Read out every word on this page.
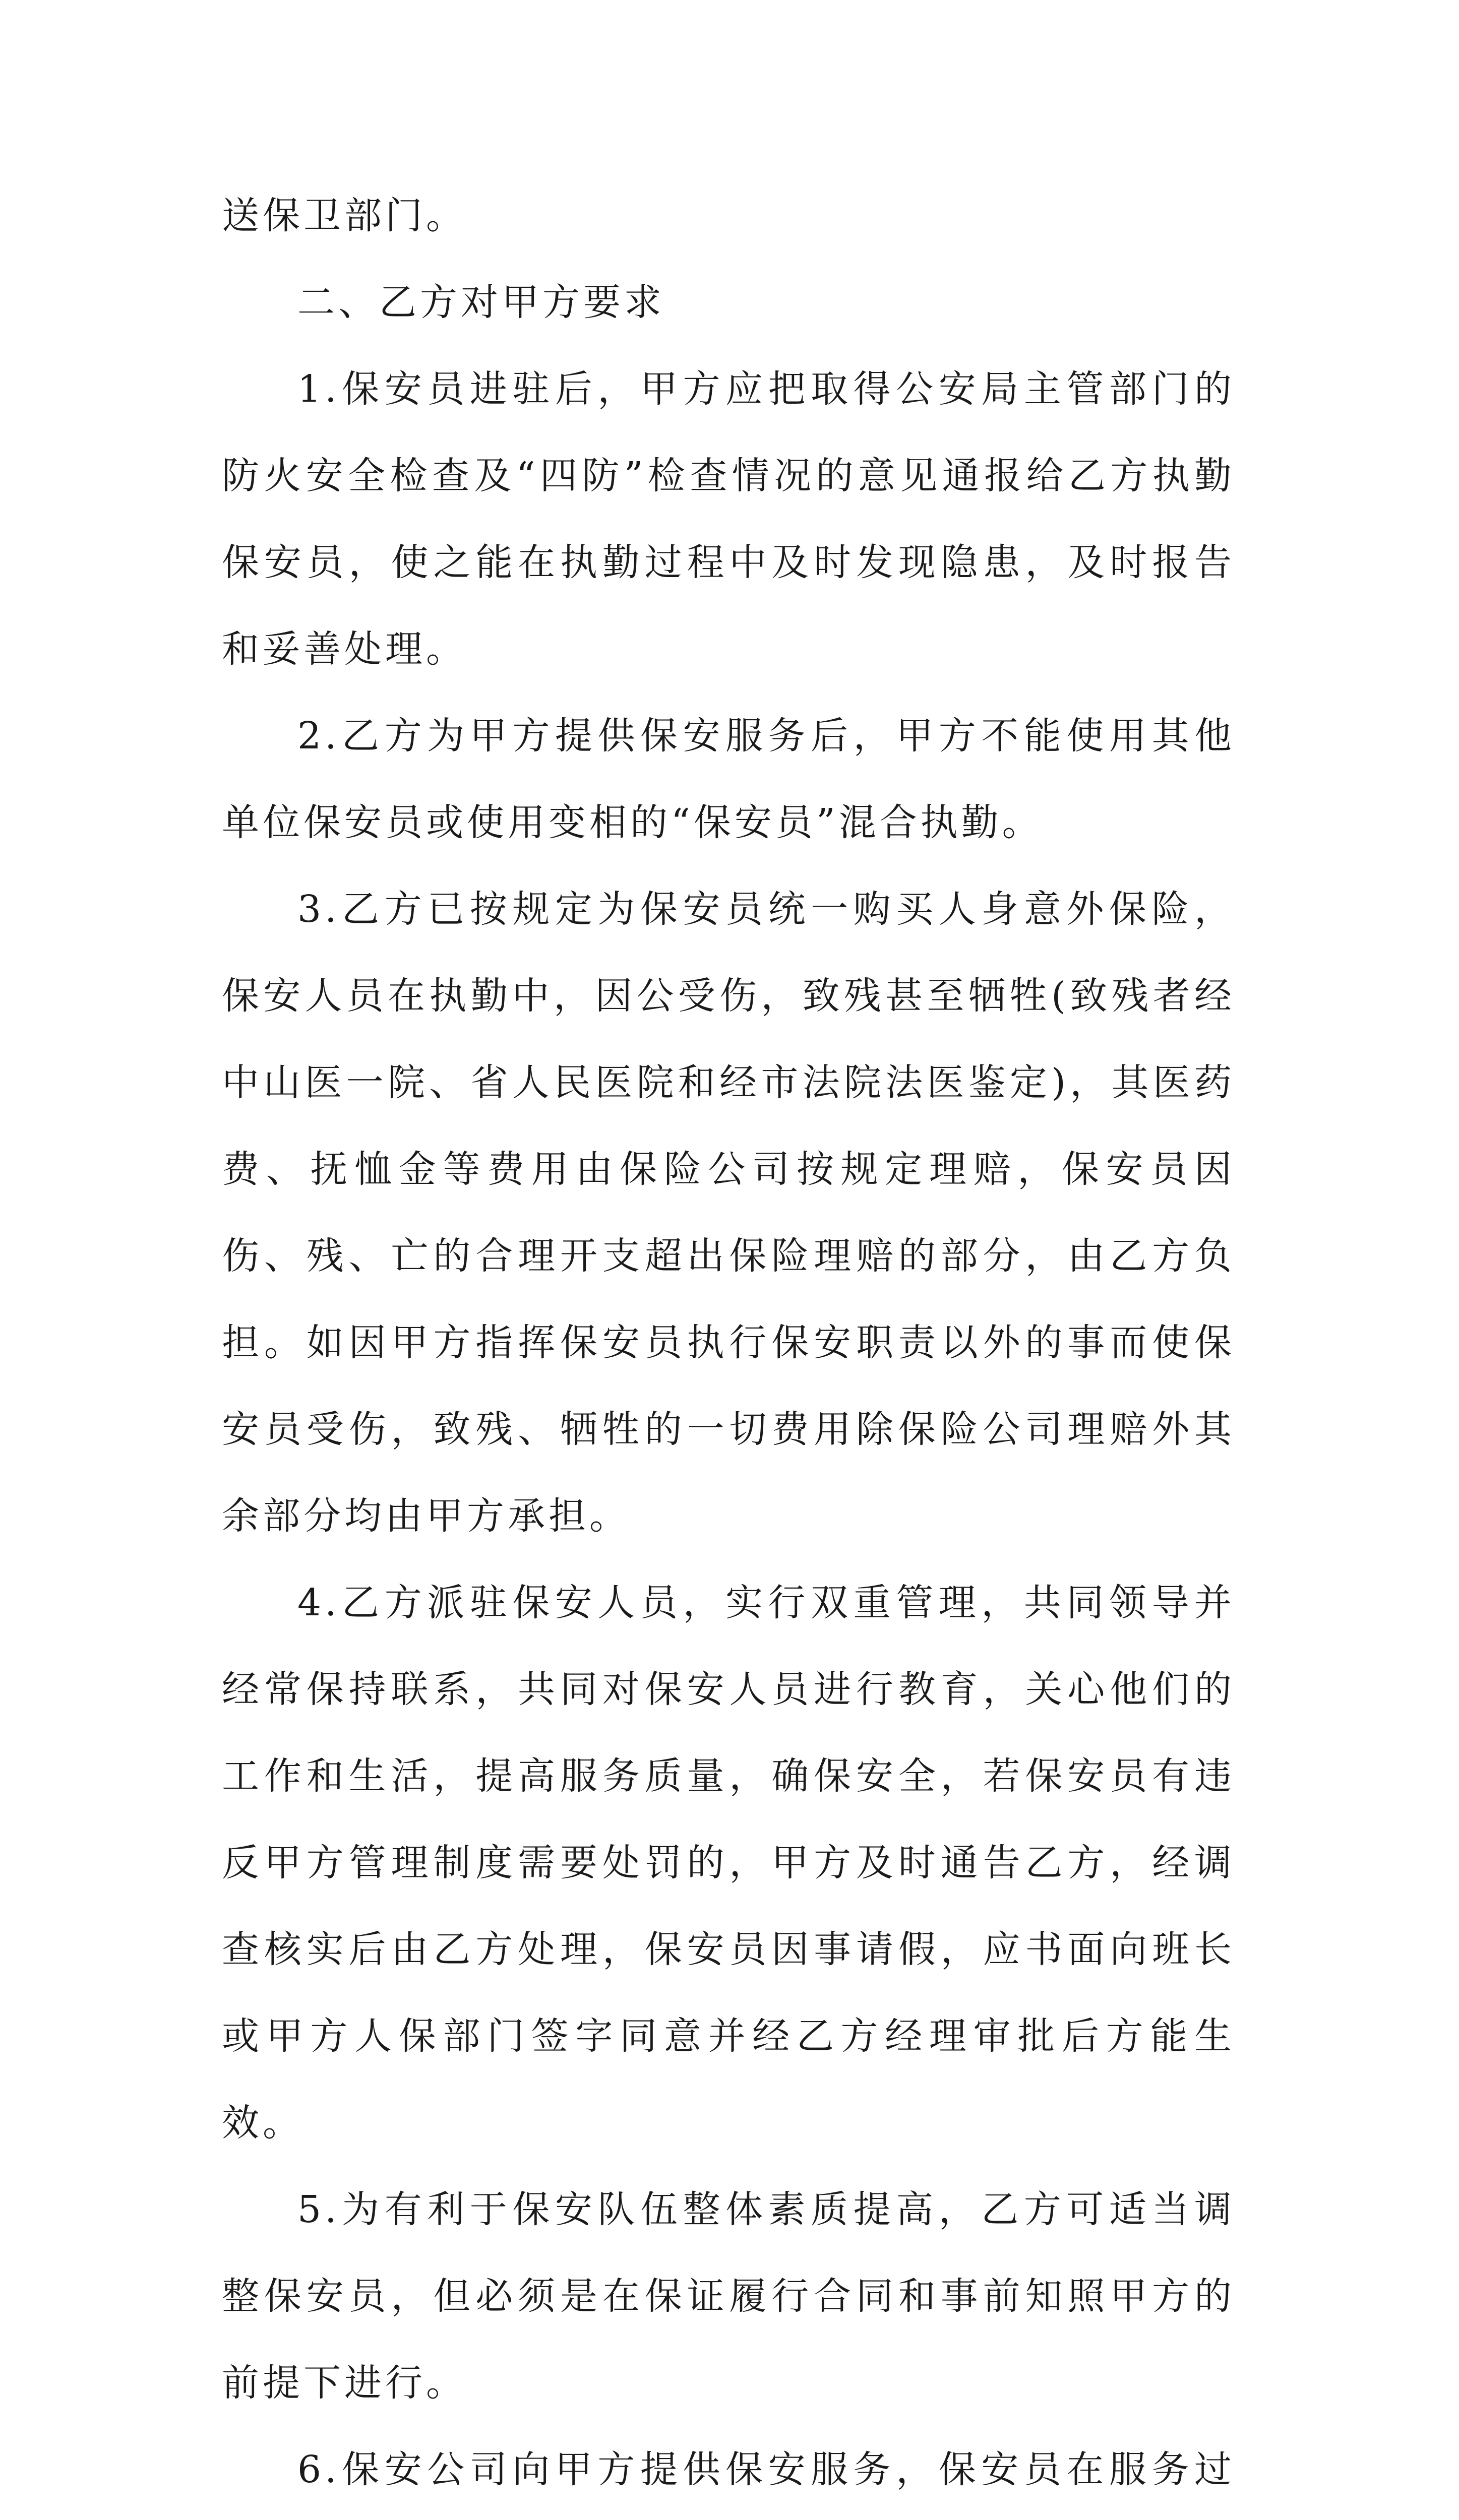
送保卫部门。

二、乙方对甲方要求

1.保安员进驻后，甲方应把取得公安局主管部门的防火安全检查及“四防”检查情况的意见通报给乙方执勤保安员，使之能在执勤过程中及时发现隐患，及时报告和妥善处理。

2.乙方为甲方提供保安服务后，甲方不能使用其他单位保安员或使用变相的“保安员”混合执勤。

3.乙方已按规定为保安员统一购买人身意外保险，保安人员在执勤中，因公受伤，致残甚至牺牲(致残者经中山医一院、省人民医院和经市法院法医鉴定)，其医药费、抚恤金等费用由保险公司按规定理赔，保安员因伤、残、亡的合理开支超出保险理赔的部分，由乙方负担。如因甲方指挥保安员执行保安职责以外的事而使保安员受伤，致残、牺牲的一切费用除保险公司理赔外其余部分均由甲方承担。

4.乙方派驻保安人员，实行双重管理，共同领导并经常保持联系，共同对保安人员进行教育，关心他们的工作和生活，提高服务质量，确保安全，若保安员有违反甲方管理制度需要处罚的，甲方及时通告乙方，经调查核实后由乙方处理，保安员因事请假，应书面向班长或甲方人保部门签字同意并经乙方经理审批后方能生效。

5.为有利于保安队伍整体素质提高，乙方可适当调整保安员，但必须是在保证履行合同和事前知照甲方的前提下进行。

6.保安公司向甲方提供保安服务，保安员在服务过
